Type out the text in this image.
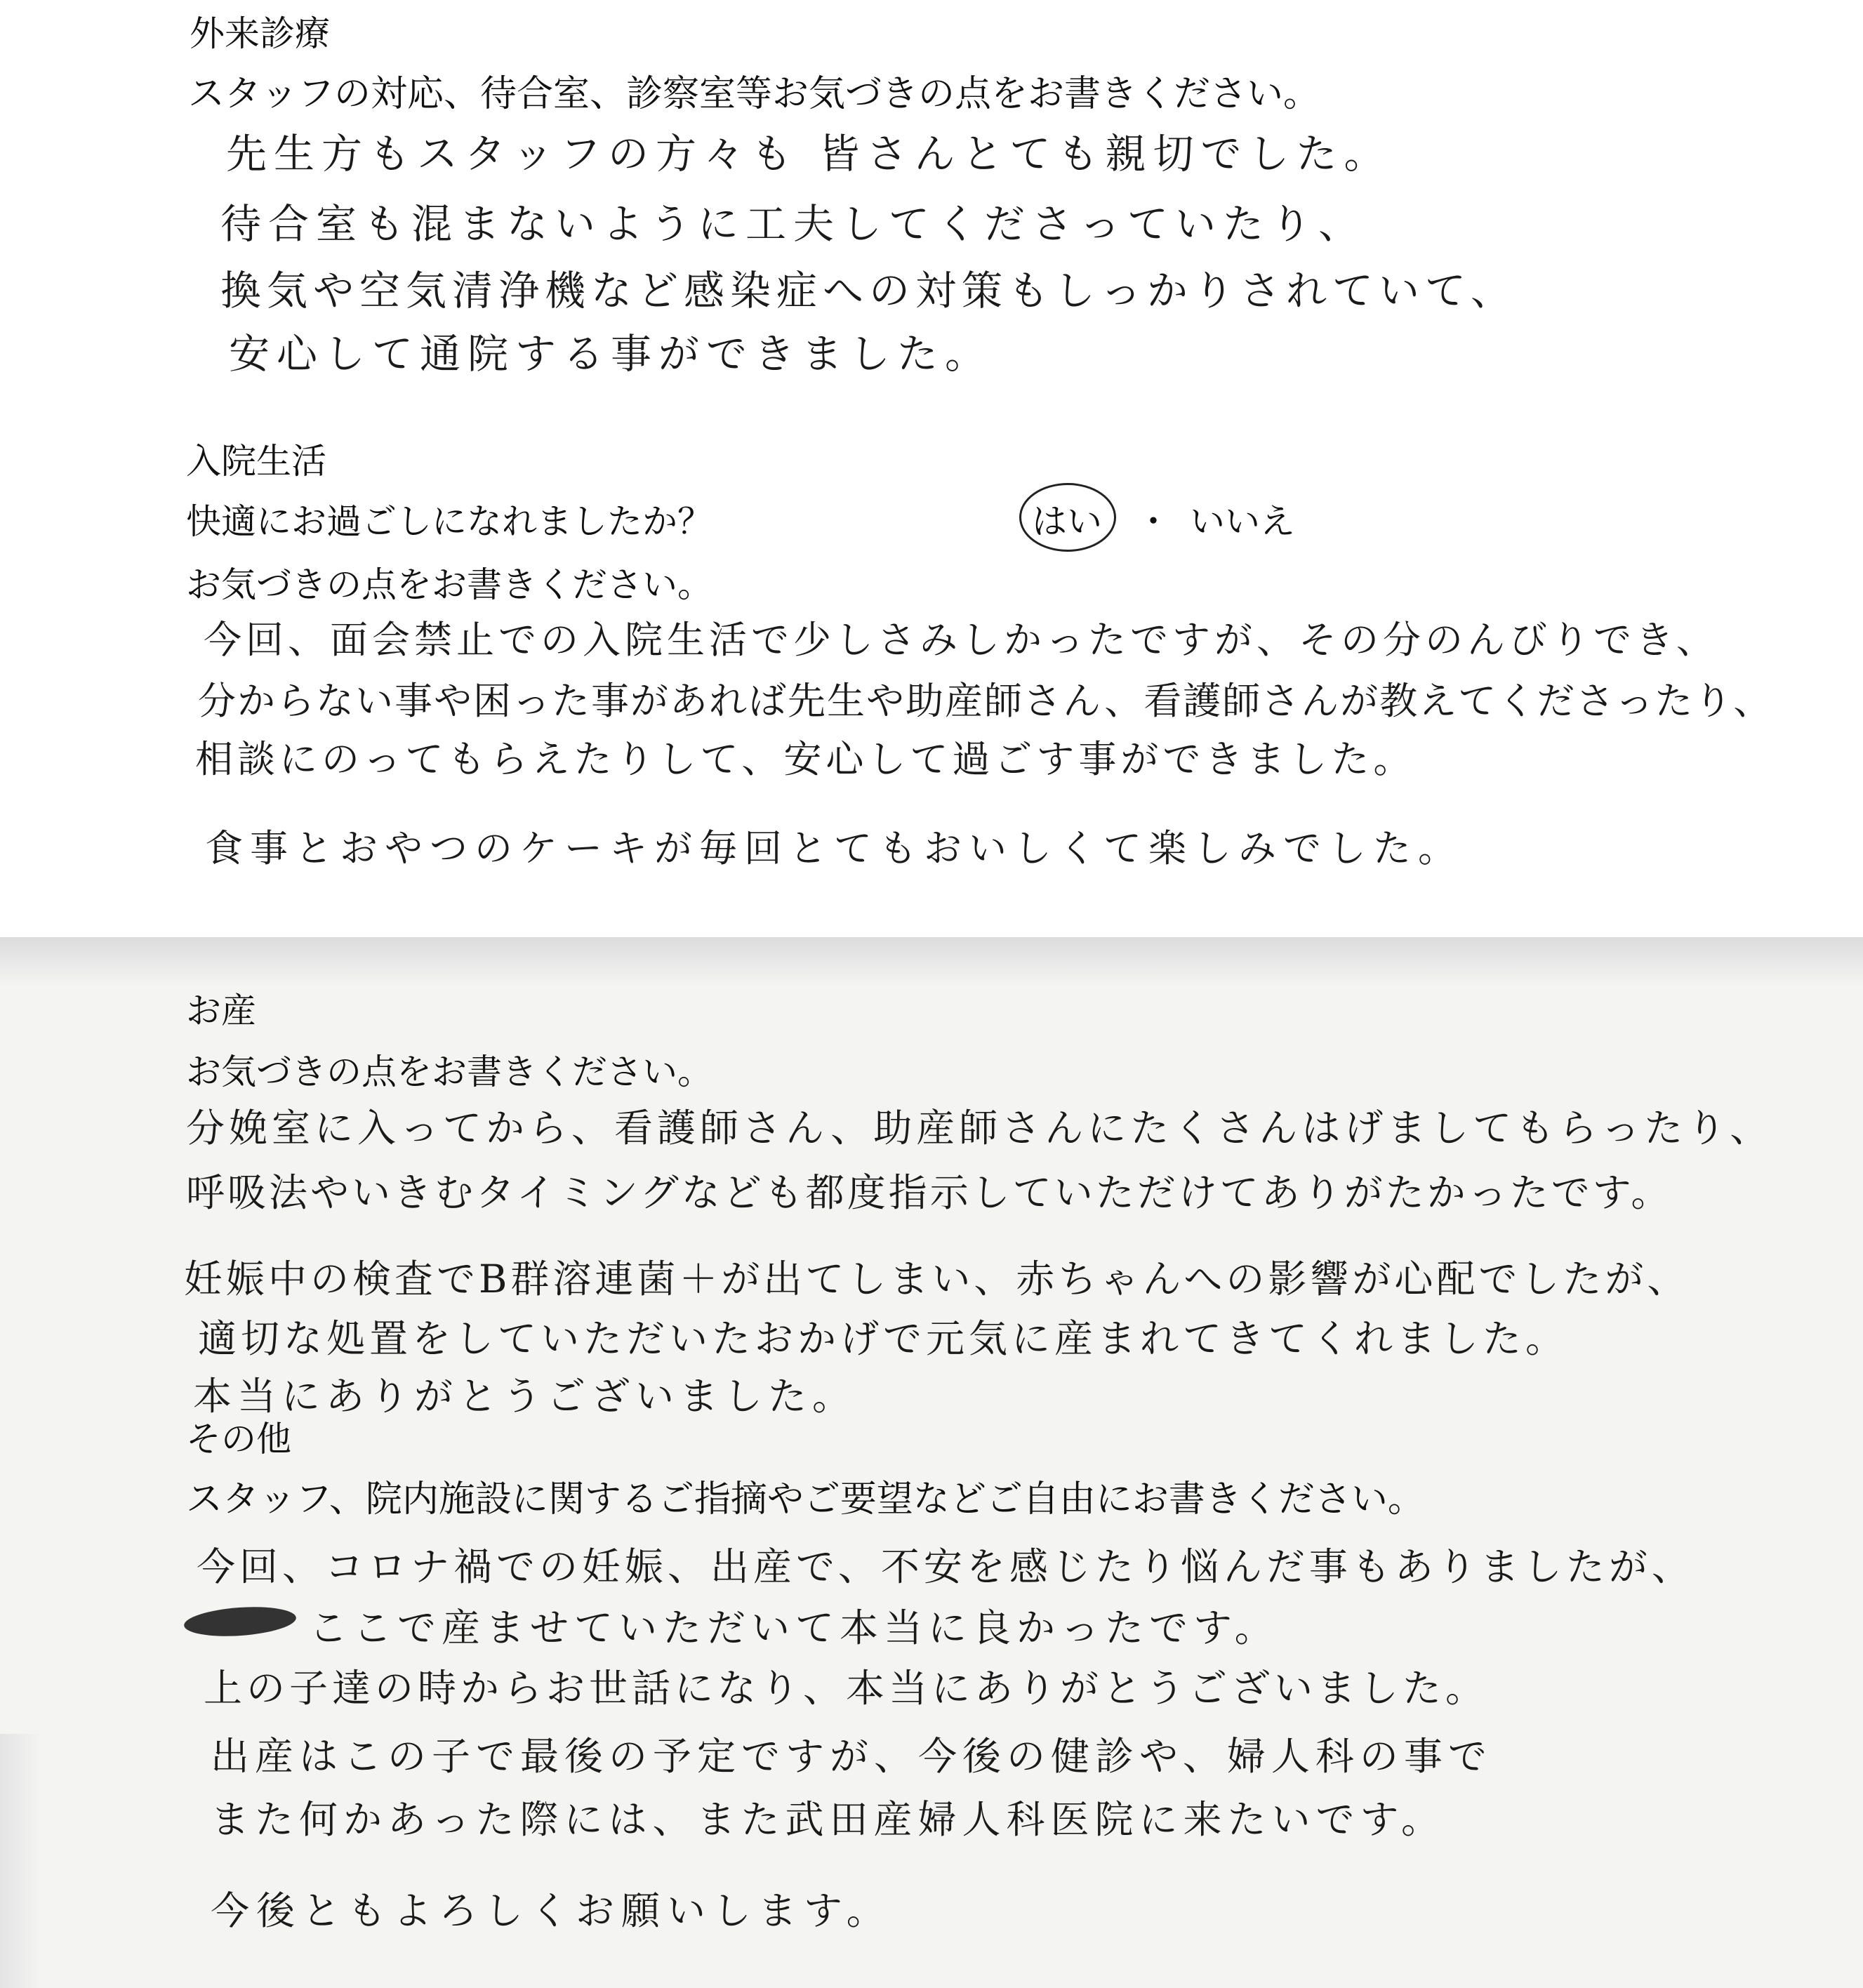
外来診療

スタッフの対応、待合室、診察室等お気づきの点をお書きください。

先生方もスタッフの方々も 皆さんとても親切でした。

待合室も混まないように工夫してくださっていたり、

換気や空気清浄機など感染症への対策もしっかりされていて、

安心して通院する事ができました。

入院生活

快適にお過ごしになれましたか？	はい ・ いいえ

お気づきの点をお書きください。

今回、面会禁止での入院生活で少しさみしかったですが、その分のんびりでき、

分からない事や困った事があれば先生や助産師さん、看護師さんが教えてくださったり、

相談にのってもらえたりして、安心して過ごす事ができました。

食事とおやつのケーキが毎回とてもおいしくて楽しみでした。

お産

お気づきの点をお書きください。

分娩室に入ってから、看護師さん、助産師さんにたくさんはげましてもらったり、

呼吸法やいきむタイミングなども都度指示していただけてありがたかったです。

妊娠中の検査でB群溶連菌＋が出てしまい、赤ちゃんへの影響が心配でしたが、

適切な処置をしていただいたおかげで元気に産まれてきてくれました。

本当にありがとうございました。

その他

スタッフ、院内施設に関するご指摘やご要望などご自由にお書きください。

今回、コロナ禍での妊娠、出産で、不安を感じたり悩んだ事もありましたが、

ここで産ませていただいて本当に良かったです。

上の子達の時からお世話になり、本当にありがとうございました。

出産はこの子で最後の予定ですが、今後の健診や、婦人科の事で

また何かあった際には、また武田産婦人科医院に来たいです。

今後ともよろしくお願いします。
